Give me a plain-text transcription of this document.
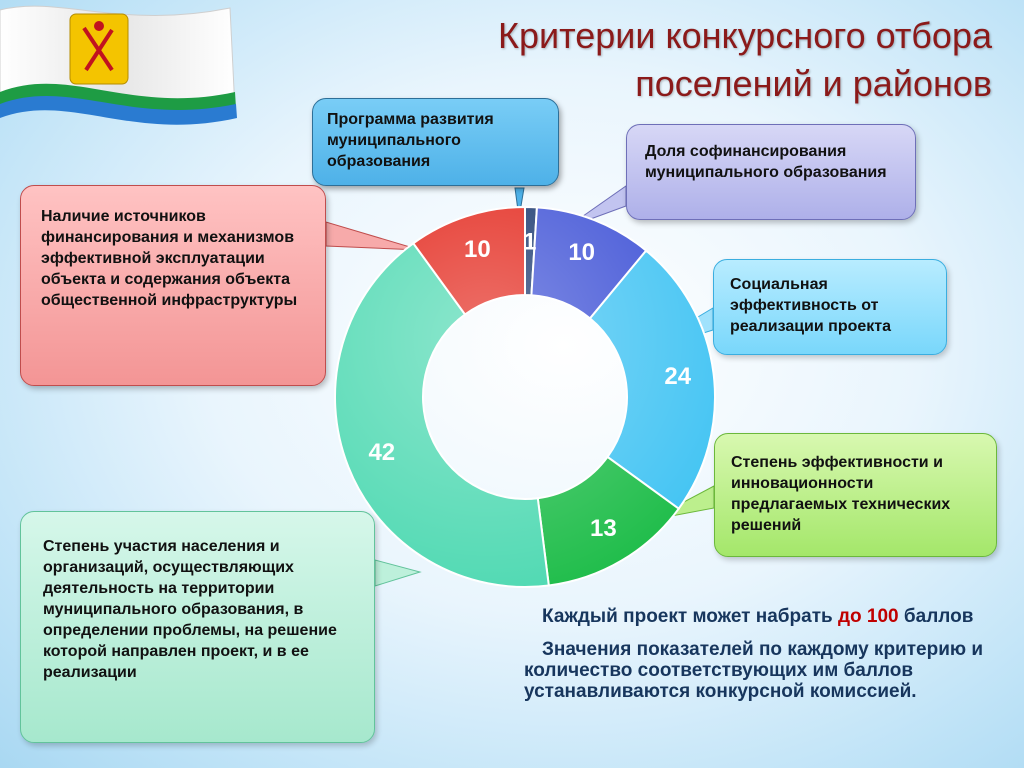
Критерии конкурсного отбора поселений и районов
1 10
24
13
42
10
Программа развития муниципального образования
Доля софинансирования муниципального образования
Социальная эффективность от реализации проекта
Степень эффективности и инновационности предлагаемых технических решений
Наличие источников финансирования и механизмов эффективной эксплуатации объекта и содержания объекта общественной инфраструктуры
Степень участия населения и организаций, осуществляющих деятельность на территории муниципального образования, в определении проблемы, на решение которой направлен проект, и в ее реализации

Каждый проект может набрать до 100 баллов

Значения показателей по каждому критерию и количество соответствующих им баллов устанавливаются конкурсной комиссией.
